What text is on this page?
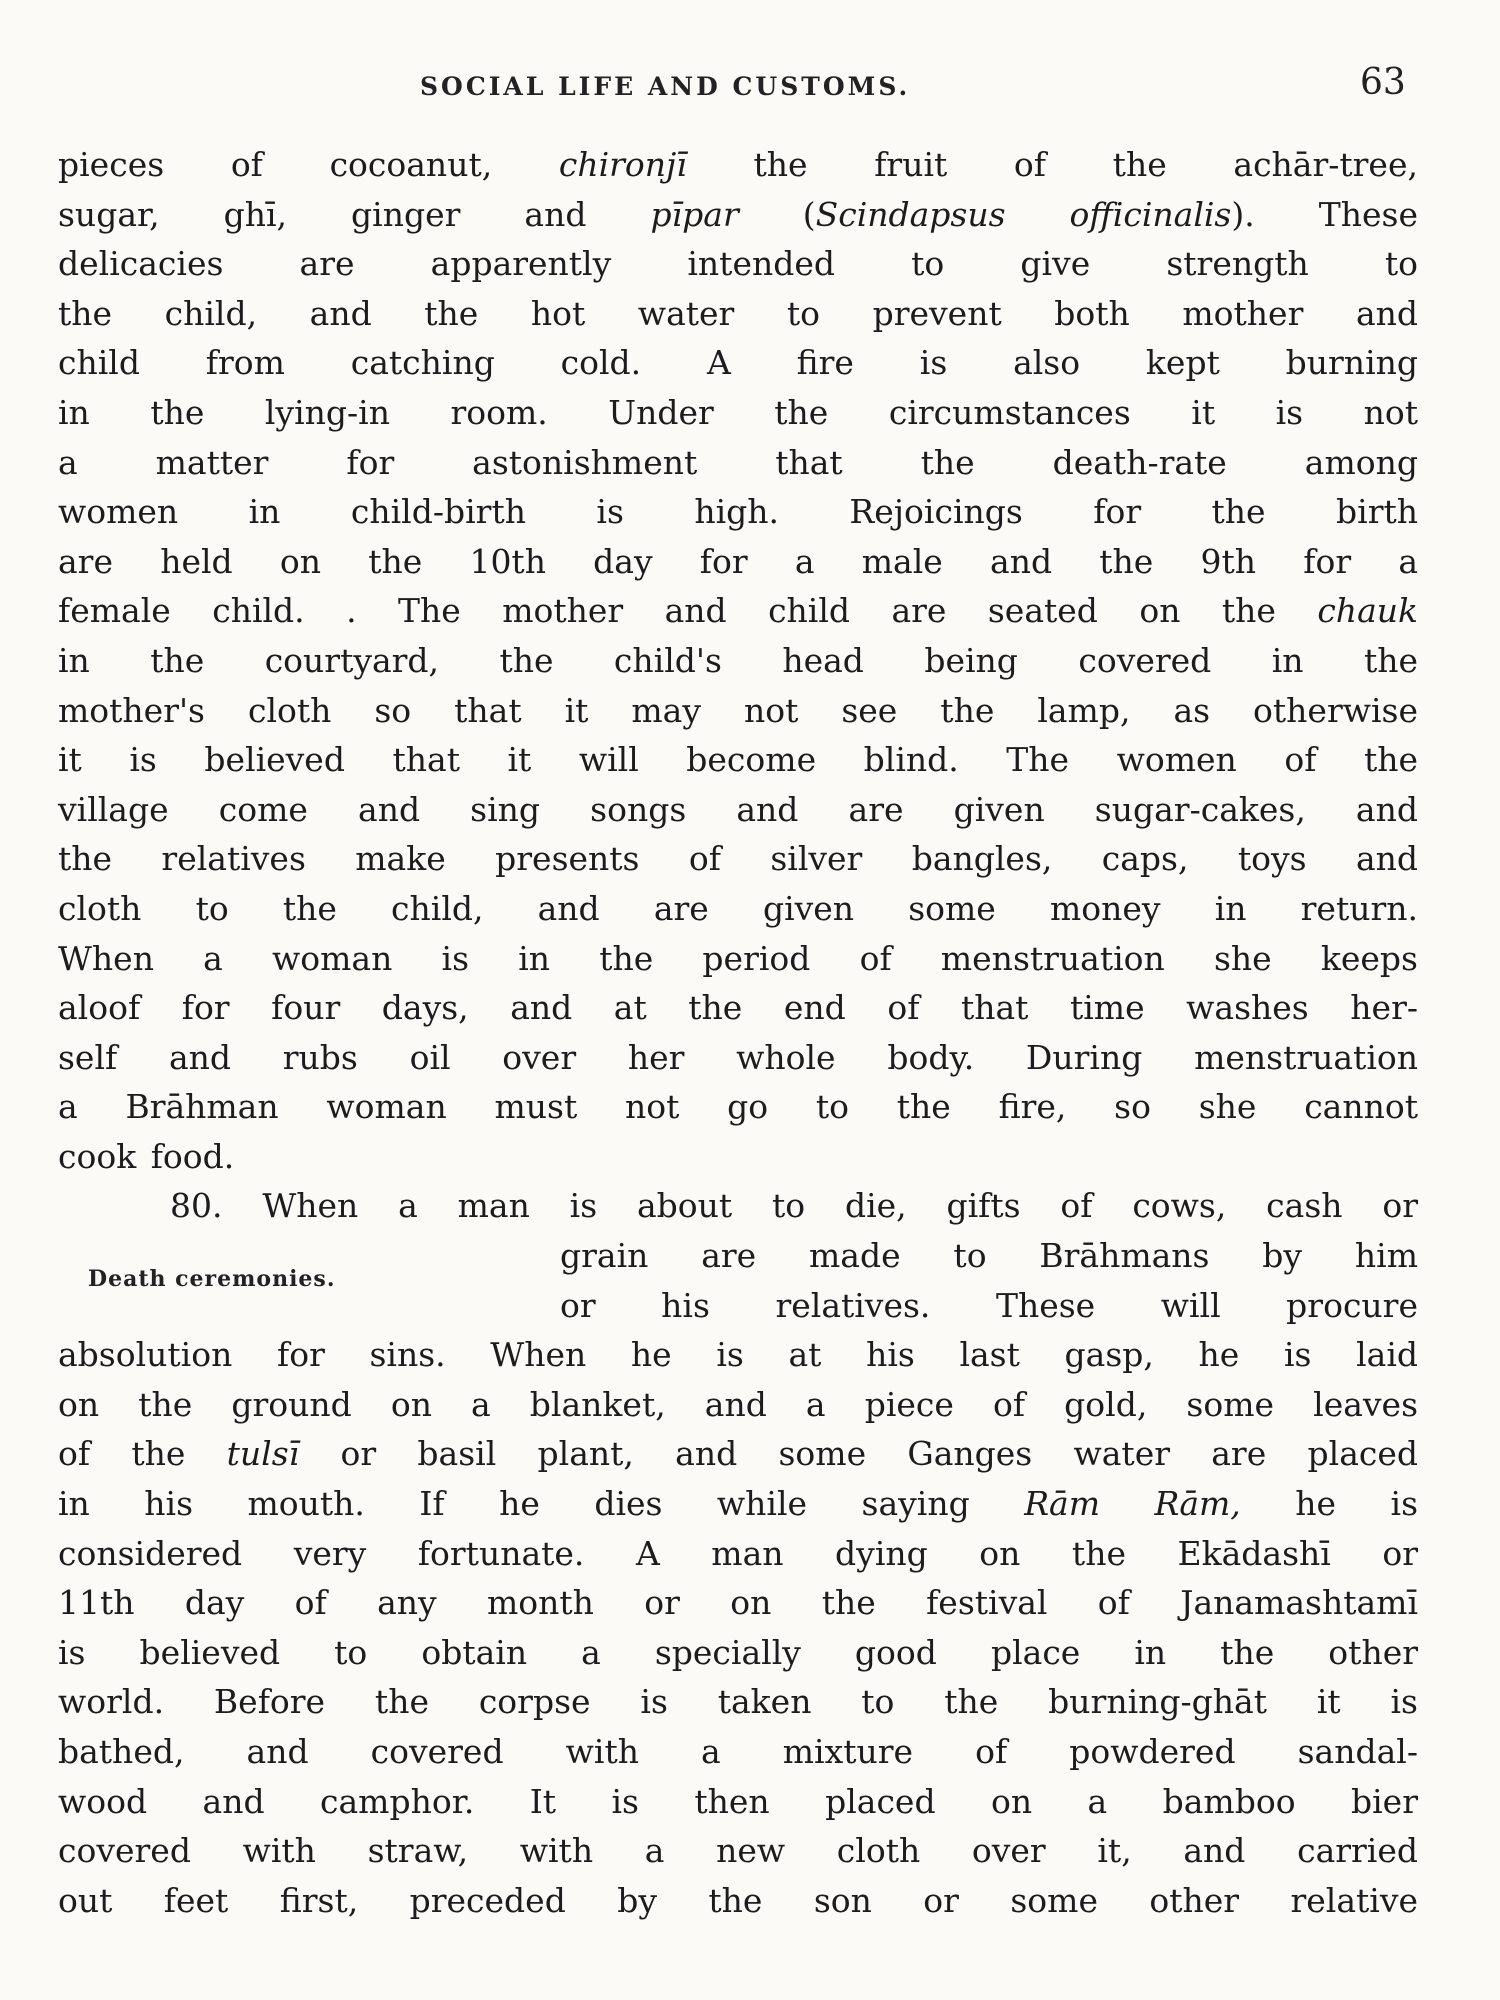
SOCIAL LIFE AND CUSTOMS.	63
Death ceremonies.
pieces of cocoanut, chironjī the fruit of the achār-tree,
sugar, ghī, ginger and pīpar (Scindapsus officinalis). These
delicacies are apparently intended to give strength to
the child, and the hot water to prevent both mother and
child from catching cold. A fire is also kept burning
in the lying-in room. Under the circumstances it is not
a matter for astonishment that the death-rate among
women in child-birth is high. Rejoicings for the birth
are held on the 10th day for a male and the 9th for a
female child. . The mother and child are seated on the chauk
in the courtyard, the child's head being covered in the
mother's cloth so that it may not see the lamp, as otherwise
it is believed that it will become blind. The women of the
village come and sing songs and are given sugar-cakes, and
the relatives make presents of silver bangles, caps, toys and
cloth to the child, and are given some money in return.
When a woman is in the period of menstruation she keeps
aloof for four days, and at the end of that time washes her-
self and rubs oil over her whole body. During menstruation
a Brāhman woman must not go to the fire, so she cannot
cook food.
80. When a man is about to die, gifts of cows, cash or
grain are made to Brāhmans by him
or his relatives. These will procure
absolution for sins. When he is at his last gasp, he is laid
on the ground on a blanket, and a piece of gold, some leaves
of the tulsī or basil plant, and some Ganges water are placed
in his mouth. If he dies while saying Rām Rām, he is
considered very fortunate. A man dying on the Ekādashī or
11th day of any month or on the festival of Janamashtamī
is believed to obtain a specially good place in the other
world. Before the corpse is taken to the burning-ghāt it is
bathed, and covered with a mixture of powdered sandal-
wood and camphor. It is then placed on a bamboo bier
covered with straw, with a new cloth over it, and carried
out feet first, preceded by the son or some other relative
